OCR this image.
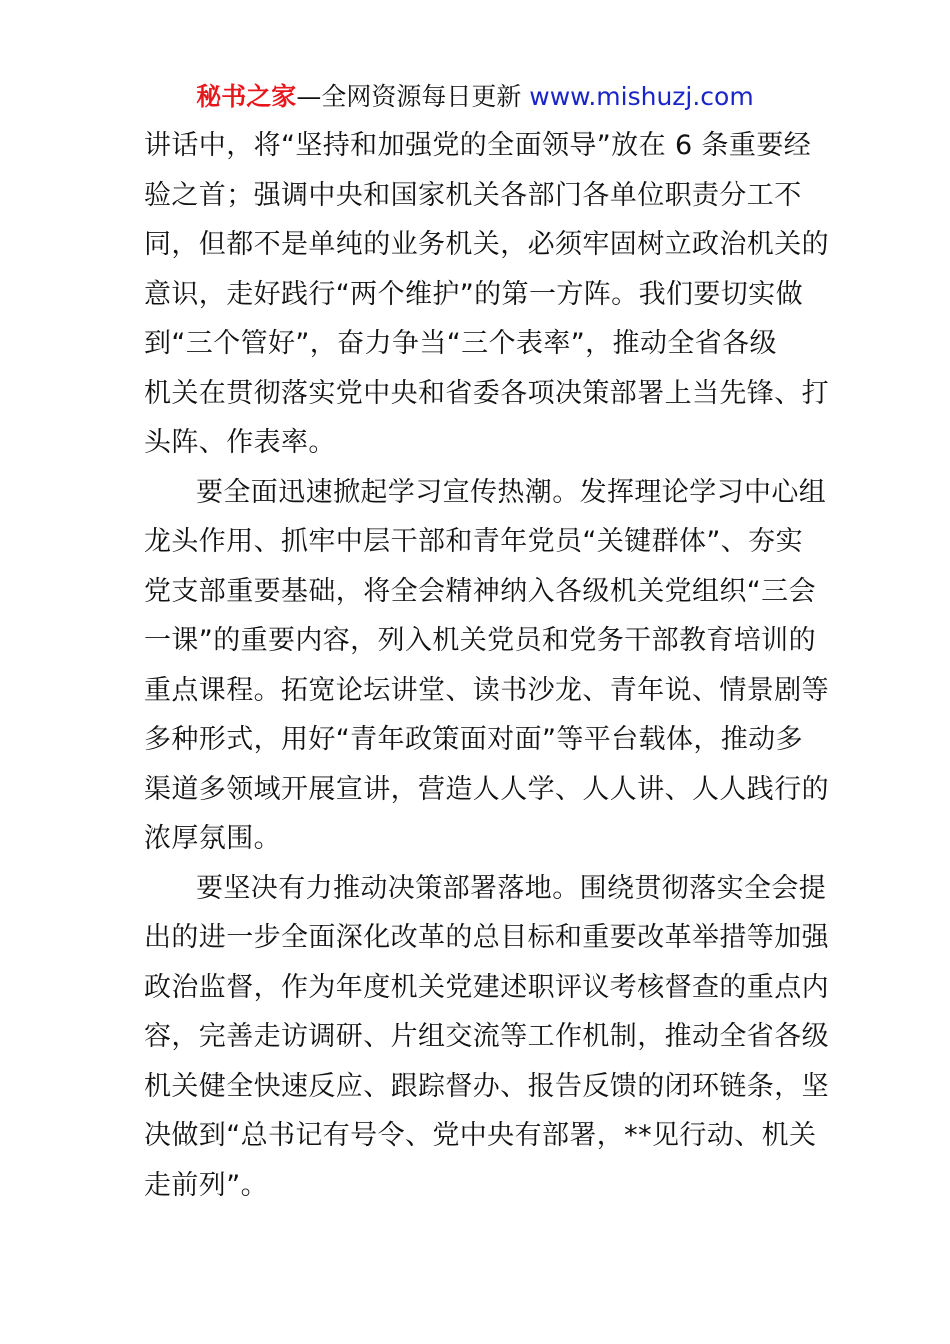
秘书之家—全网资源每日更新 www.mishuzj.com
讲话中，将“坚持和加强党的全面领导”放在 6 条重要经
验之首；强调中央和国家机关各部门各单位职责分工不
同，但都不是单纯的业务机关，必须牢固树立政治机关的
意识，走好践行“两个维护”的第一方阵。我们要切实做
到“三个管好”，奋力争当“三个表率”，推动全省各级
机关在贯彻落实党中央和省委各项决策部署上当先锋、打
头阵、作表率。
要全面迅速掀起学习宣传热潮。发挥理论学习中心组
龙头作用、抓牢中层干部和青年党员“关键群体”、夯实
党支部重要基础，将全会精神纳入各级机关党组织“三会
一课”的重要内容，列入机关党员和党务干部教育培训的
重点课程。拓宽论坛讲堂、读书沙龙、青年说、情景剧等
多种形式，用好“青年政策面对面”等平台载体，推动多
渠道多领域开展宣讲，营造人人学、人人讲、人人践行的
浓厚氛围。
要坚决有力推动决策部署落地。围绕贯彻落实全会提
出的进一步全面深化改革的总目标和重要改革举措等加强
政治监督，作为年度机关党建述职评议考核督查的重点内
容，完善走访调研、片组交流等工作机制，推动全省各级
机关健全快速反应、跟踪督办、报告反馈的闭环链条，坚
决做到“总书记有号令、党中央有部署，**见行动、机关
走前列”。
